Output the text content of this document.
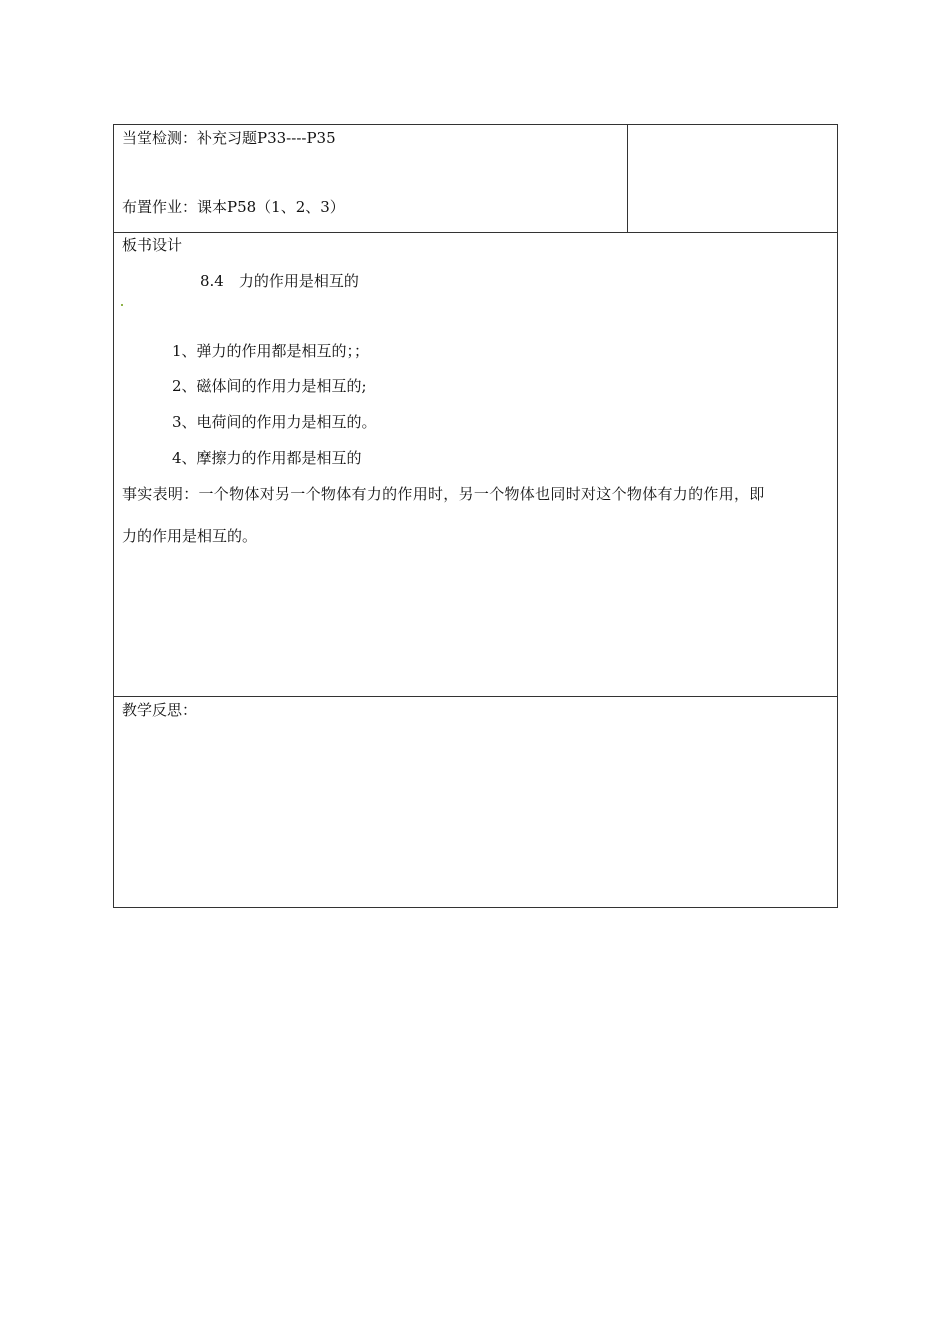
当堂检测：补充习题P33----P35
布置作业：课本P58（1、2、3）
板书设计
8.4　力的作用是相互的
1、弹力的作用都是相互的；；
2、磁体间的作用力是相互的;
3、电荷间的作用力是相互的。
4、摩擦力的作用都是相互的
事实表明：一个物体对另一个物体有力的作用时，另一个物体也同时对这个物体有力的作用，即
力的作用是相互的。
教学反思：
